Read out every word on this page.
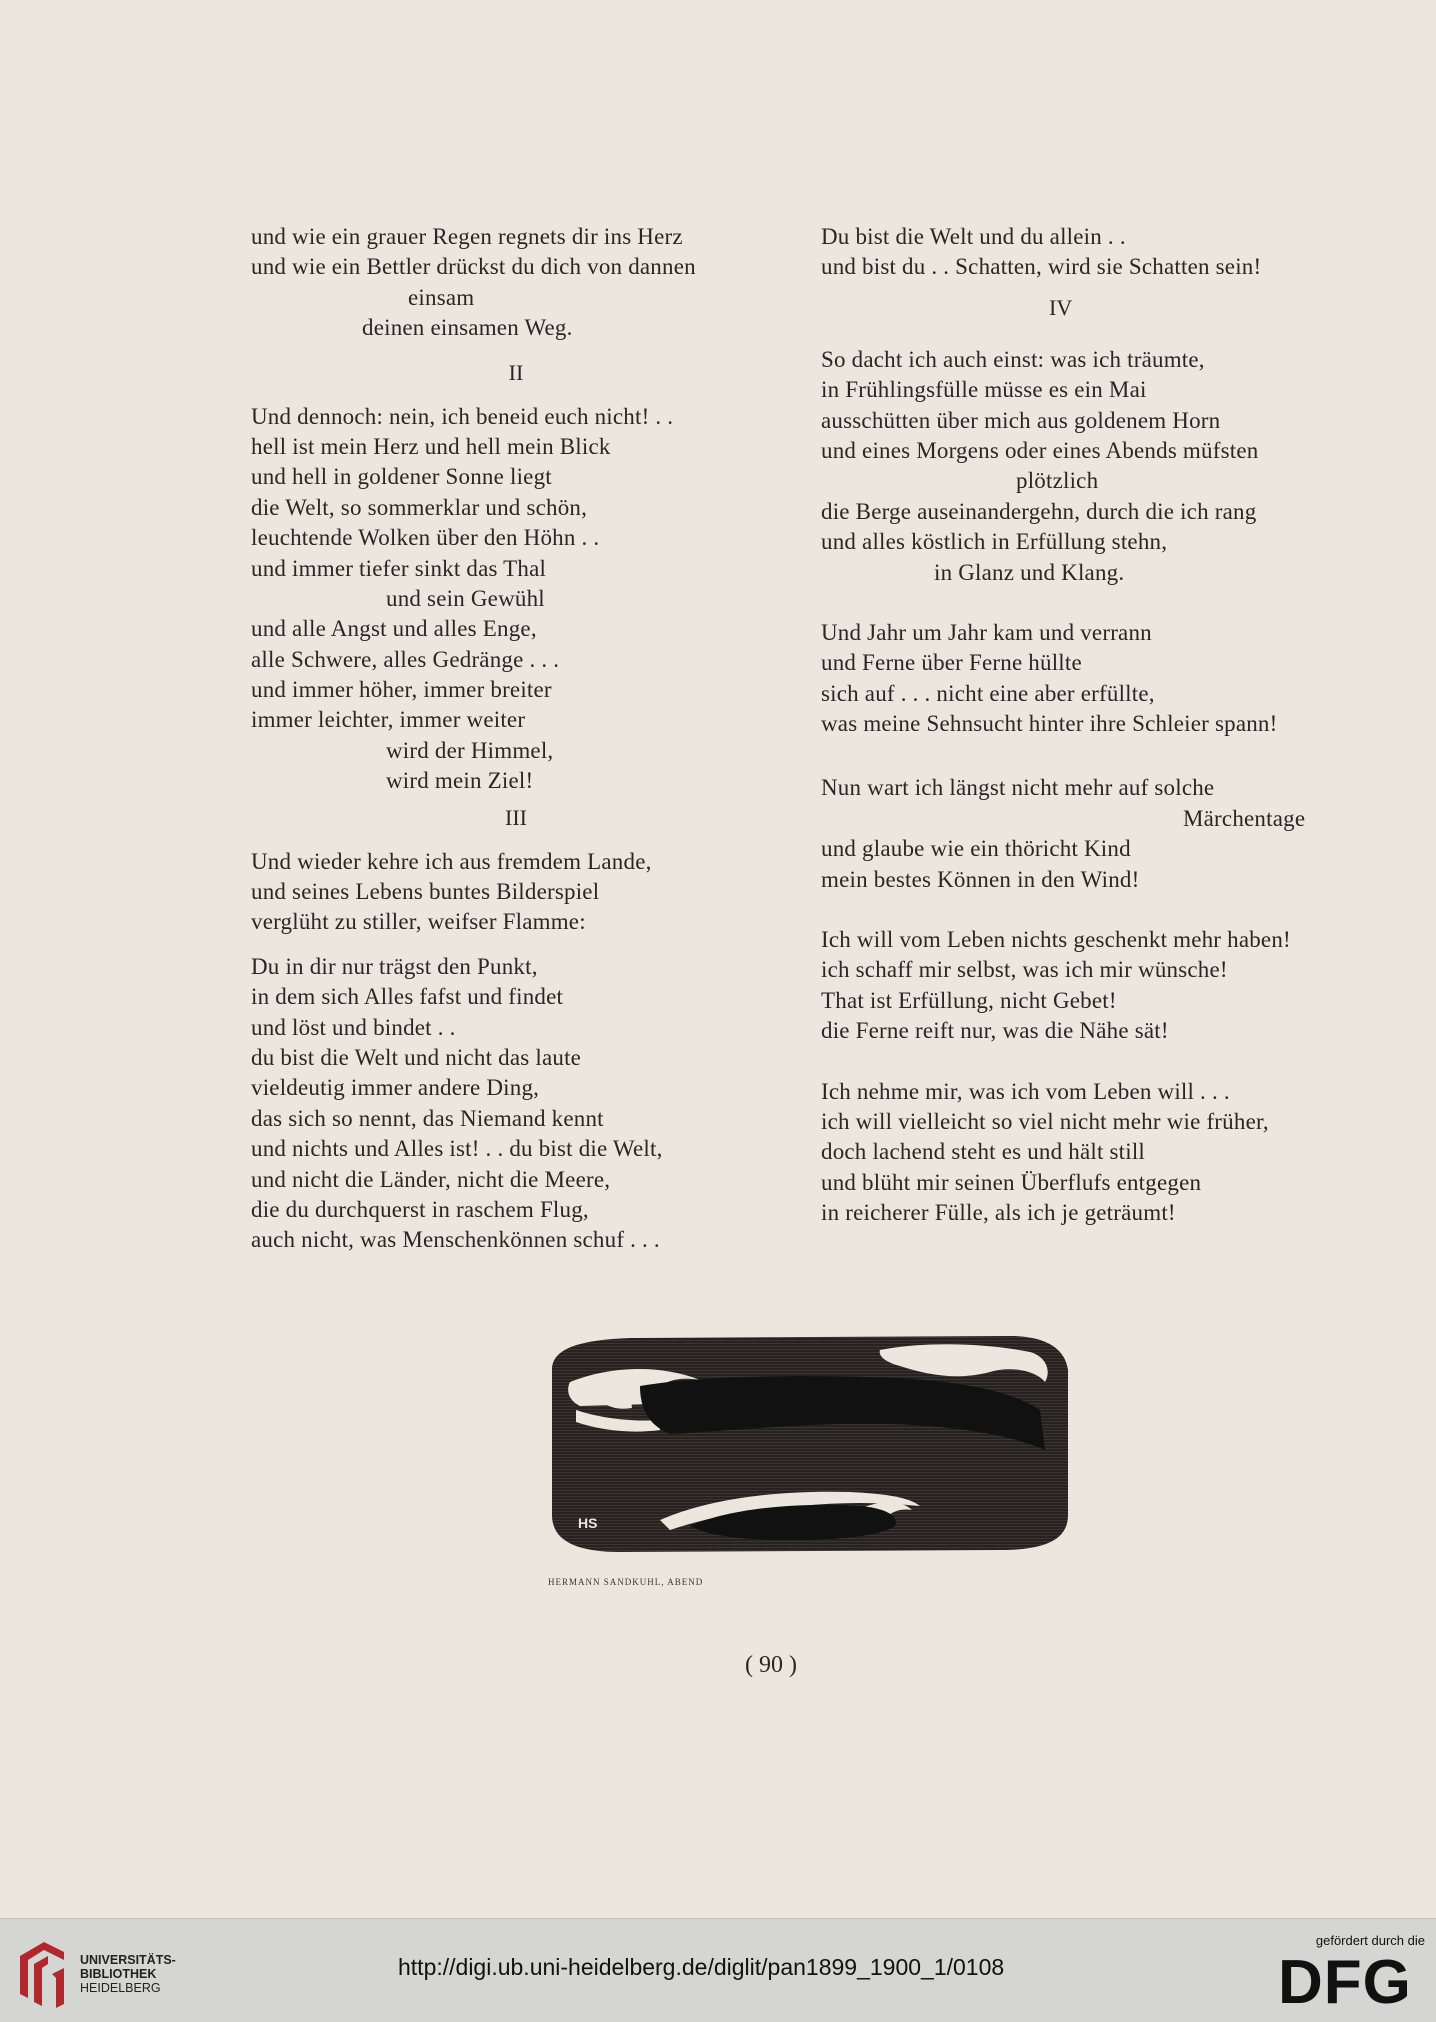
und wie ein grauer Regen regnets dir ins Herz
und wie ein Bettler drückst du dich von dannen
einsam
deinen einsamen Weg.
II
Und dennoch: nein, ich beneid euch nicht! . .
hell ist mein Herz und hell mein Blick
und hell in goldener Sonne liegt
die Welt, so sommerklar und schön,
leuchtende Wolken über den Höhn . .
und immer tiefer sinkt das Thal
und sein Gewühl
und alle Angst und alles Enge,
alle Schwere, alles Gedränge . . .
und immer höher, immer breiter
immer leichter, immer weiter
wird der Himmel,
wird mein Ziel!
III
Und wieder kehre ich aus fremdem Lande,
und seines Lebens buntes Bilderspiel
verglüht zu stiller, weifser Flamme:
Du in dir nur trägst den Punkt,
in dem sich Alles fafst und findet
und löst und bindet . .
du bist die Welt und nicht das laute
vieldeutig immer andere Ding,
das sich so nennt, das Niemand kennt
und nichts und Alles ist! . . du bist die Welt,
und nicht die Länder, nicht die Meere,
die du durchquerst in raschem Flug,
auch nicht, was Menschenkönnen schuf . . .
Du bist die Welt und du allein . .
und bist du . . Schatten, wird sie Schatten sein!
IV
So dacht ich auch einst: was ich träumte,
in Frühlingsfülle müsse es ein Mai
ausschütten über mich aus goldenem Horn
und eines Morgens oder eines Abends müfsten
plötzlich
die Berge auseinandergehn, durch die ich rang
und alles köstlich in Erfüllung stehn,
in Glanz und Klang.
Und Jahr um Jahr kam und verrann
und Ferne über Ferne hüllte
sich auf . . . nicht eine aber erfüllte,
was meine Sehnsucht hinter ihre Schleier spann!
Nun wart ich längst nicht mehr auf solche
Märchentage
und glaube wie ein thöricht Kind
mein bestes Können in den Wind!
Ich will vom Leben nichts geschenkt mehr haben!
ich schaff mir selbst, was ich mir wünsche!
That ist Erfüllung, nicht Gebet!
die Ferne reift nur, was die Nähe sät!
Ich nehme mir, was ich vom Leben will . . .
ich will vielleicht so viel nicht mehr wie früher,
doch lachend steht es und hält still
und blüht mir seinen Überflufs entgegen
in reicherer Fülle, als ich je geträumt!
HS
HERMANN SANDKUHL, ABEND
( 90 )
UNIVERSITÄTS-
BIBLIOTHEK
HEIDELBERG
http://digi.ub.uni-heidelberg.de/diglit/pan1899_1900_1/0108
gefördert durch die
DFG
